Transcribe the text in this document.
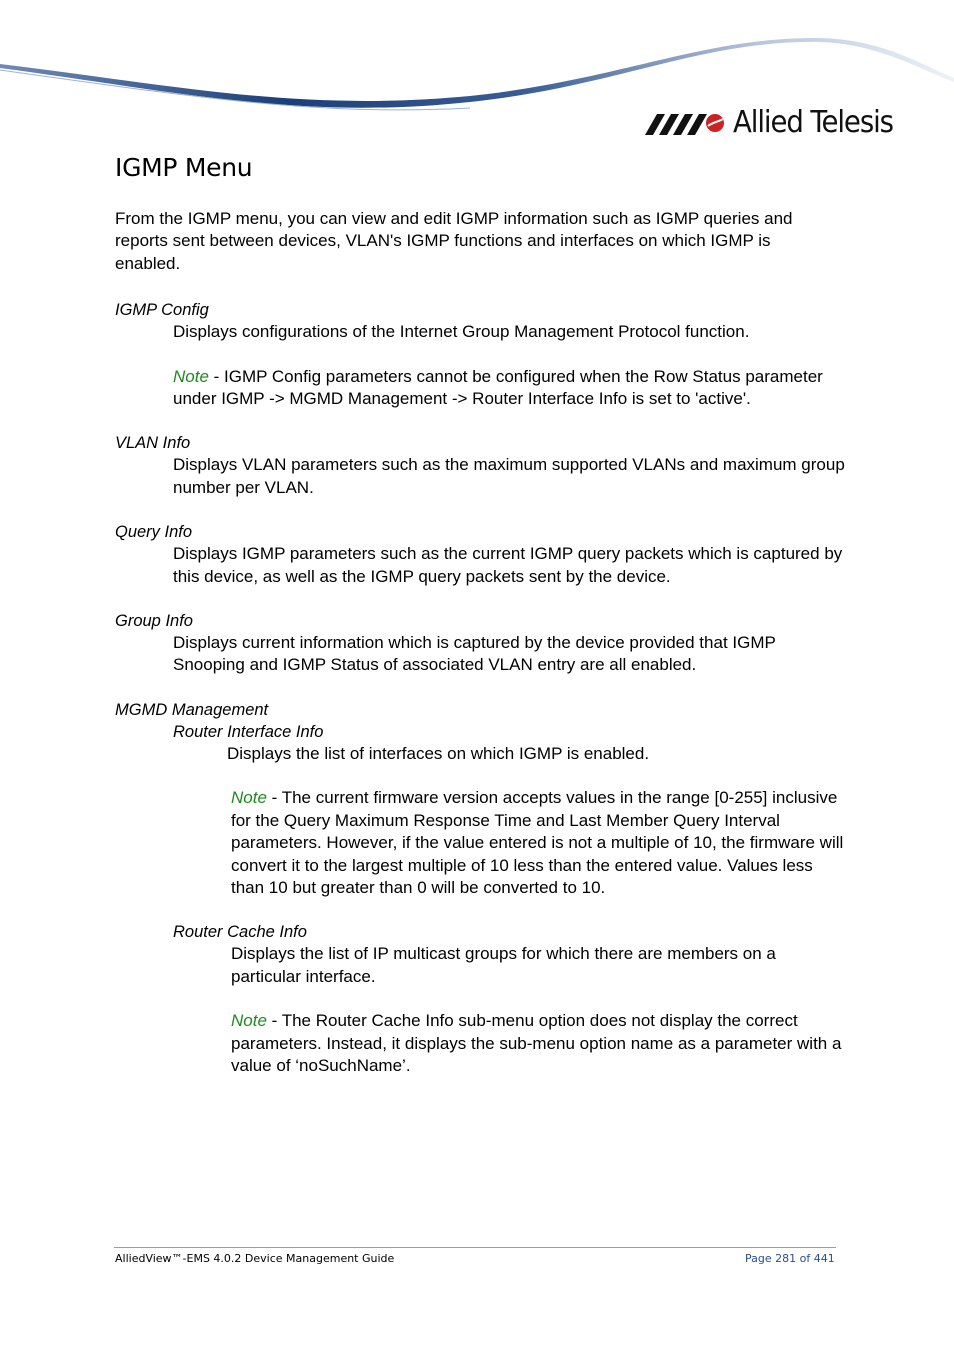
Allied Telesis
IGMP Menu

From the IGMP menu, you can view and edit IGMP information such as IGMP queries and reports sent between devices, VLAN's IGMP functions and interfaces on which IGMP is enabled.

IGMP Config

Displays configurations of the Internet Group Management Protocol function.

Note - IGMP Config parameters cannot be configured when the Row Status parameter under IGMP -> MGMD Management -> Router Interface Info is set to 'active'.

VLAN Info

Displays VLAN parameters such as the maximum supported VLANs and maximum group number per VLAN.

Query Info

Displays IGMP parameters such as the current IGMP query packets which is captured by this device, as well as the IGMP query packets sent by the device.

Group Info

Displays current information which is captured by the device provided that IGMP Snooping and IGMP Status of associated VLAN entry are all enabled.

MGMD Management

Router Interface Info

Displays the list of interfaces on which IGMP is enabled.

Note - The current firmware version accepts values in the range [0-255] inclusive for the Query Maximum Response Time and Last Member Query Interval parameters. However, if the value entered is not a multiple of 10, the firmware will convert it to the largest multiple of 10 less than the entered value. Values less than 10 but greater than 0 will be converted to 10.

Router Cache Info

Displays the list of IP multicast groups for which there are members on a particular interface.

Note - The Router Cache Info sub-menu option does not display the correct parameters. Instead, it displays the sub-menu option name as a parameter with a value of ‘noSuchName’.

AlliedView™-EMS 4.0.2 Device Management Guide	Page 281 of 441
